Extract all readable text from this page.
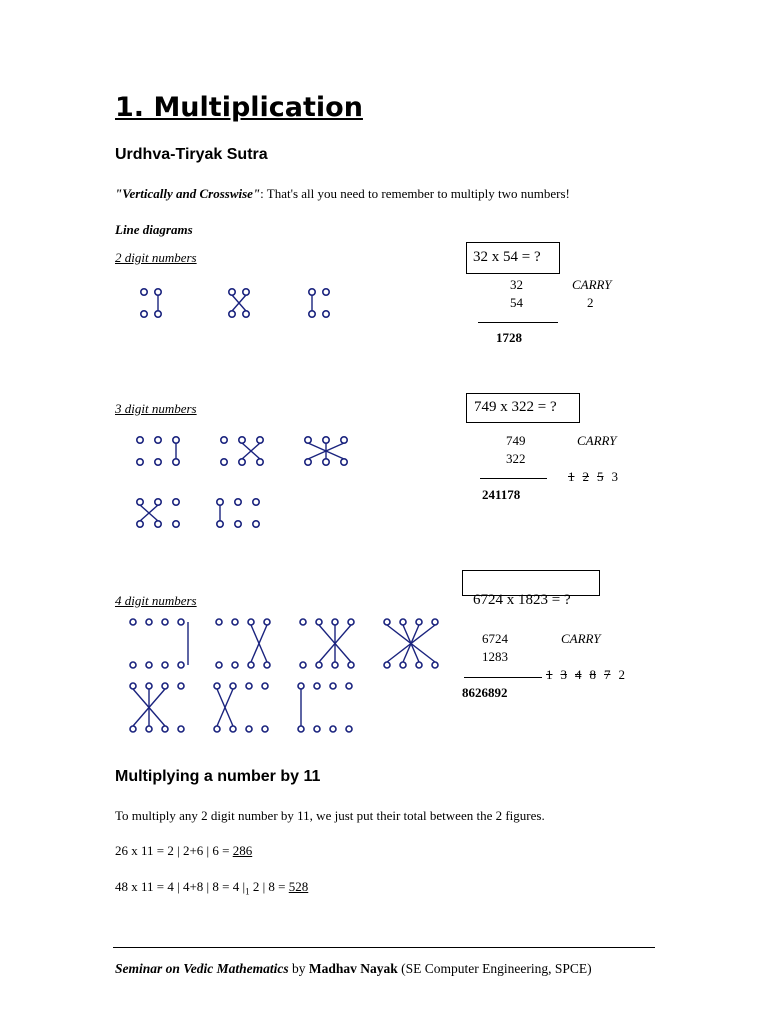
1. Multiplication
Urdhva-Tiryak Sutra
"Vertically and Crosswise": That's all you need to remember to multiply two numbers!
Line diagrams
2 digit numbers	32 x 54 = ?
32
54
CARRY
2
1728
3 digit numbers	749 x 322 = ?
749
322
CARRY
1 2 5 3
241178
4 digit numbers	6724 x 1823 = ?
6724
1283
CARRY
1 3 4 8 7 2
8626892
Multiplying a number by 11
To multiply any 2 digit number by 11, we just put their total between the 2 figures.
26 x 11 = 2 | 2+6 | 6 = 286
48 x 11 = 4 | 4+8 | 8 = 4 $|_1$ 2 | 8 = 528
Seminar on Vedic Mathematics by Madhav Nayak (SE Computer Engineering, SPCE)
